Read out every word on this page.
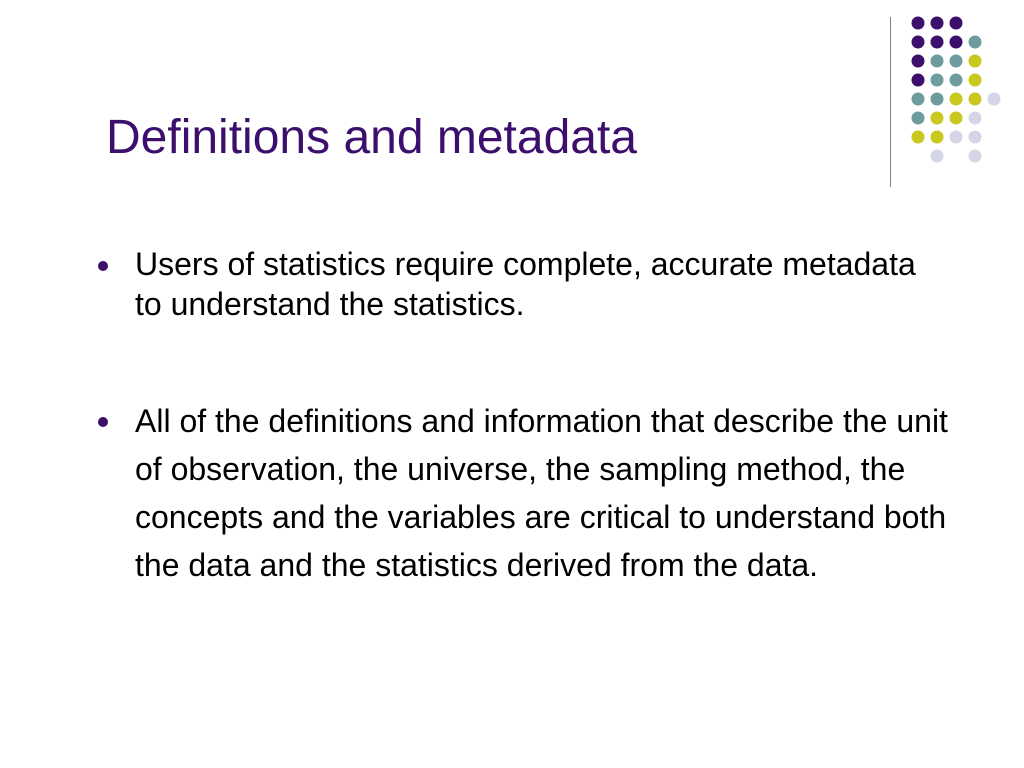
Definitions and metadata
Users of statistics require complete, accurate metadata to understand the statistics.
All of the definitions and information that describe the unit of observation, the universe, the sampling method, the concepts and the variables are critical to understand both the data and the statistics derived from the data.
